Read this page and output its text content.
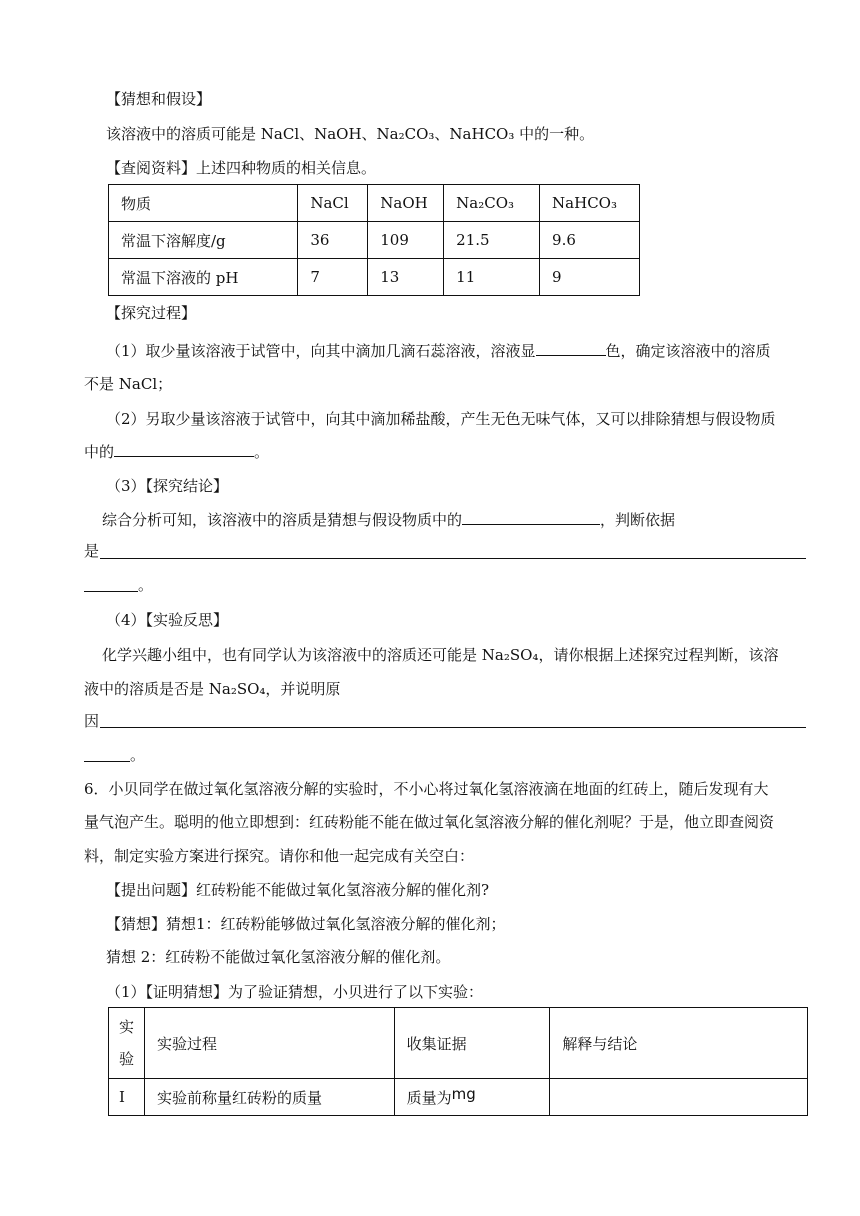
【猜想和假设】
该溶液中的溶质可能是 NaCl、NaOH、Na₂CO₃、NaHCO₃ 中的一种。
【查阅资料】上述四种物质的相关信息。
物质	NaCl	NaOH	Na₂CO₃	NaHCO₃
常温下溶解度/g	36	109	21.5	9.6
常温下溶液的 pH	7	13	11	9
【探究过程】
（1）取少量该溶液于试管中，向其中滴加几滴石蕊溶液，溶液显	色，确定该溶液中的溶质
不是 NaCl；
（2）另取少量该溶液于试管中，向其中滴加稀盐酸，产生无色无味气体，又可以排除猜想与假设物质
中的	。
（3）【探究结论】
综合分析可知，该溶液中的溶质是猜想与假设物质中的	，判断依据
是
。
（4）【实验反思】
化学兴趣小组中，也有同学认为该溶液中的溶质还可能是 Na₂SO₄，请你根据上述探究过程判断，该溶
液中的溶质是否是 Na₂SO₄，并说明原
因
。
6．小贝同学在做过氧化氢溶液分解的实验时，不小心将过氧化氢溶液滴在地面的红砖上，随后发现有大
量气泡产生。聪明的他立即想到：红砖粉能不能在做过氧化氢溶液分解的催化剂呢？于是，他立即查阅资
料，制定实验方案进行探究。请你和他一起完成有关空白：
【提出问题】红砖粉能不能做过氧化氢溶液分解的催化剂?
【猜想】猜想1：红砖粉能够做过氧化氢溶液分解的催化剂；
猜想 2：红砖粉不能做过氧化氢溶液分解的催化剂。
（1）【证明猜想】为了验证猜想，小贝进行了以下实验：
实
验	实验过程	收集证据	解释与结论
I	实验前称量红砖粉的质量	质量为mg	
